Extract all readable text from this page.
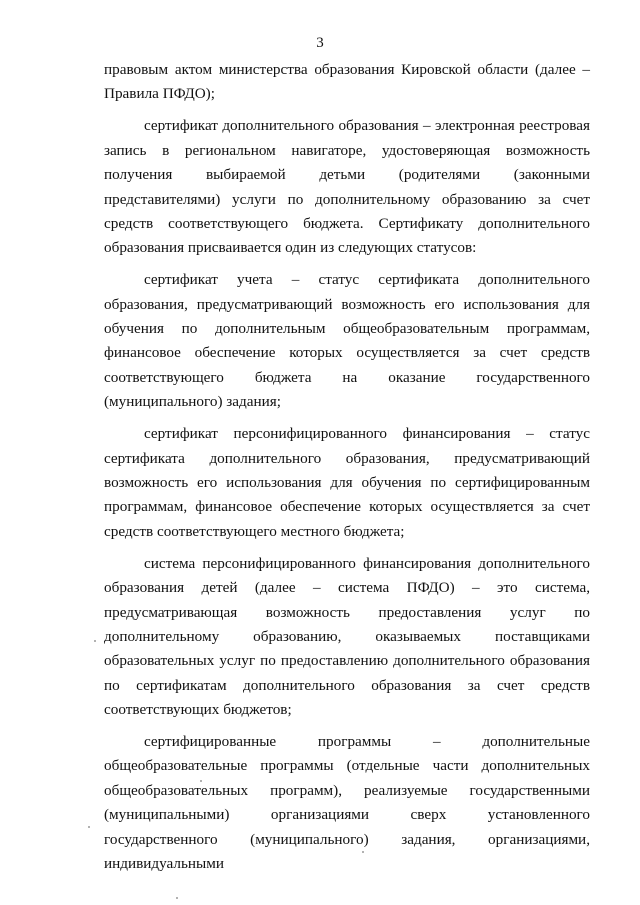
3

правовым актом министерства образования Кировской области (далее – Правила ПФДО);

сертификат дополнительного образования – электронная реестровая запись в региональном навигаторе, удостоверяющая возможность получения выбираемой детьми (родителями (законными представителями) услуги по дополнительному образованию за счет средств соответствующего бюджета. Сертификату дополнительного образования присваивается один из следующих статусов:

сертификат учета – статус сертификата дополнительного образования, предусматривающий возможность его использования для обучения по дополнительным общеобразовательным программам, финансовое обеспечение которых осуществляется за счет средств соответствующего бюджета на оказание государственного (муниципального) задания;

сертификат персонифицированного финансирования – статус сертификата дополнительного образования, предусматривающий возможность его использования для обучения по сертифицированным программам, финансовое обеспечение которых осуществляется за счет средств соответствующего местного бюджета;

система персонифицированного финансирования дополнительного образования детей (далее – система ПФДО) – это система, предусматривающая возможность предоставления услуг по дополнительному образованию, оказываемых поставщиками образовательных услуг по предоставлению дополнительного образования по сертификатам дополнительного образования за счет средств соответствующих бюджетов;

сертифицированные программы – дополнительные общеобразовательные программы (отдельные части дополнительных общеобразовательных программ), реализуемые государственными (муниципальными) организациями сверх установленного государственного (муниципального) задания, организациями, индивидуальными
